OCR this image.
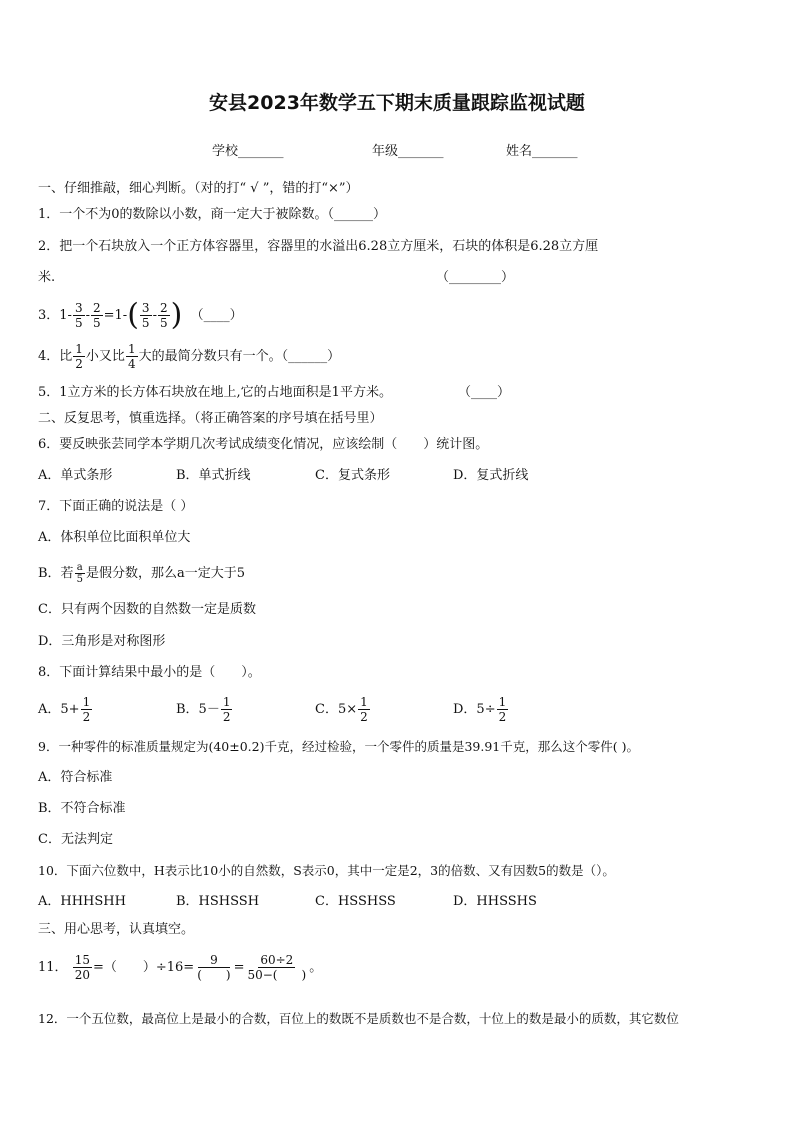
安县2023年数学五下期末质量跟踪监视试题
学校_______	年级_______	姓名_______
一、仔细推敲，细心判断。（对的打“ √ ”，错的打“×”）
1．一个不为0的数除以小数，商一定大于被除数。（______）
2．把一个石块放入一个正方体容器里，容器里的水溢出6.28立方厘米，石块的体积是6.28立方厘
米.	（________）
3．$1- \frac{3}{5} - \frac{2}{5} =1-( \frac{3}{5} - \frac{2}{5}$ ) （____）
4．比 $\frac{1}{2}$ 小又比 $\frac{1}{4}$ 大的最简分数只有一个。（______）
5．1立方米的长方体石块放在地上,它的占地面积是1平方米。	（____）
二、反复思考，慎重选择。（将正确答案的序号填在括号里）
6．要反映张芸同学本学期几次考试成绩变化情况，应该绘制（　　）统计图。
A．单式条形	B．单式折线	C．复式条形	D．复式折线
7．下面正确的说法是（ ）
A．体积单位比面积单位大
B．若 $\frac{a}{5}$ 是假分数，那么a一定大于5
C．只有两个因数的自然数一定是质数
D．三角形是对称图形
8．下面计算结果中最小的是（　　）。
A．$5+ \frac{1}{2}$	B．$5- \frac{1}{2}$	C．$5\times \frac{1}{2}$	D．$5\div \frac{1}{2}$
9．一种零件的标准质量规定为(40±0.2)千克，经过检验，一个零件的质量是39.91千克，那么这个零件( )。
A．符合标准
B．不符合标准
C．无法判定
10．下面六位数中，H表示比10小的自然数，S表示0，其中一定是2，3的倍数、又有因数5的数是（）。
A．HHHSHH	B．HSHSSH	C．HSSHSS	D．HHSSHS
三、用心思考，认真填空。
11． $\frac{15}{20}$ =（　　）$\div 16= \frac{9}{( )} = \frac{60\div 2}{50-( )}$ 。
12．一个五位数，最高位上是最小的合数，百位上的数既不是质数也不是合数，十位上的数是最小的质数，其它数位
